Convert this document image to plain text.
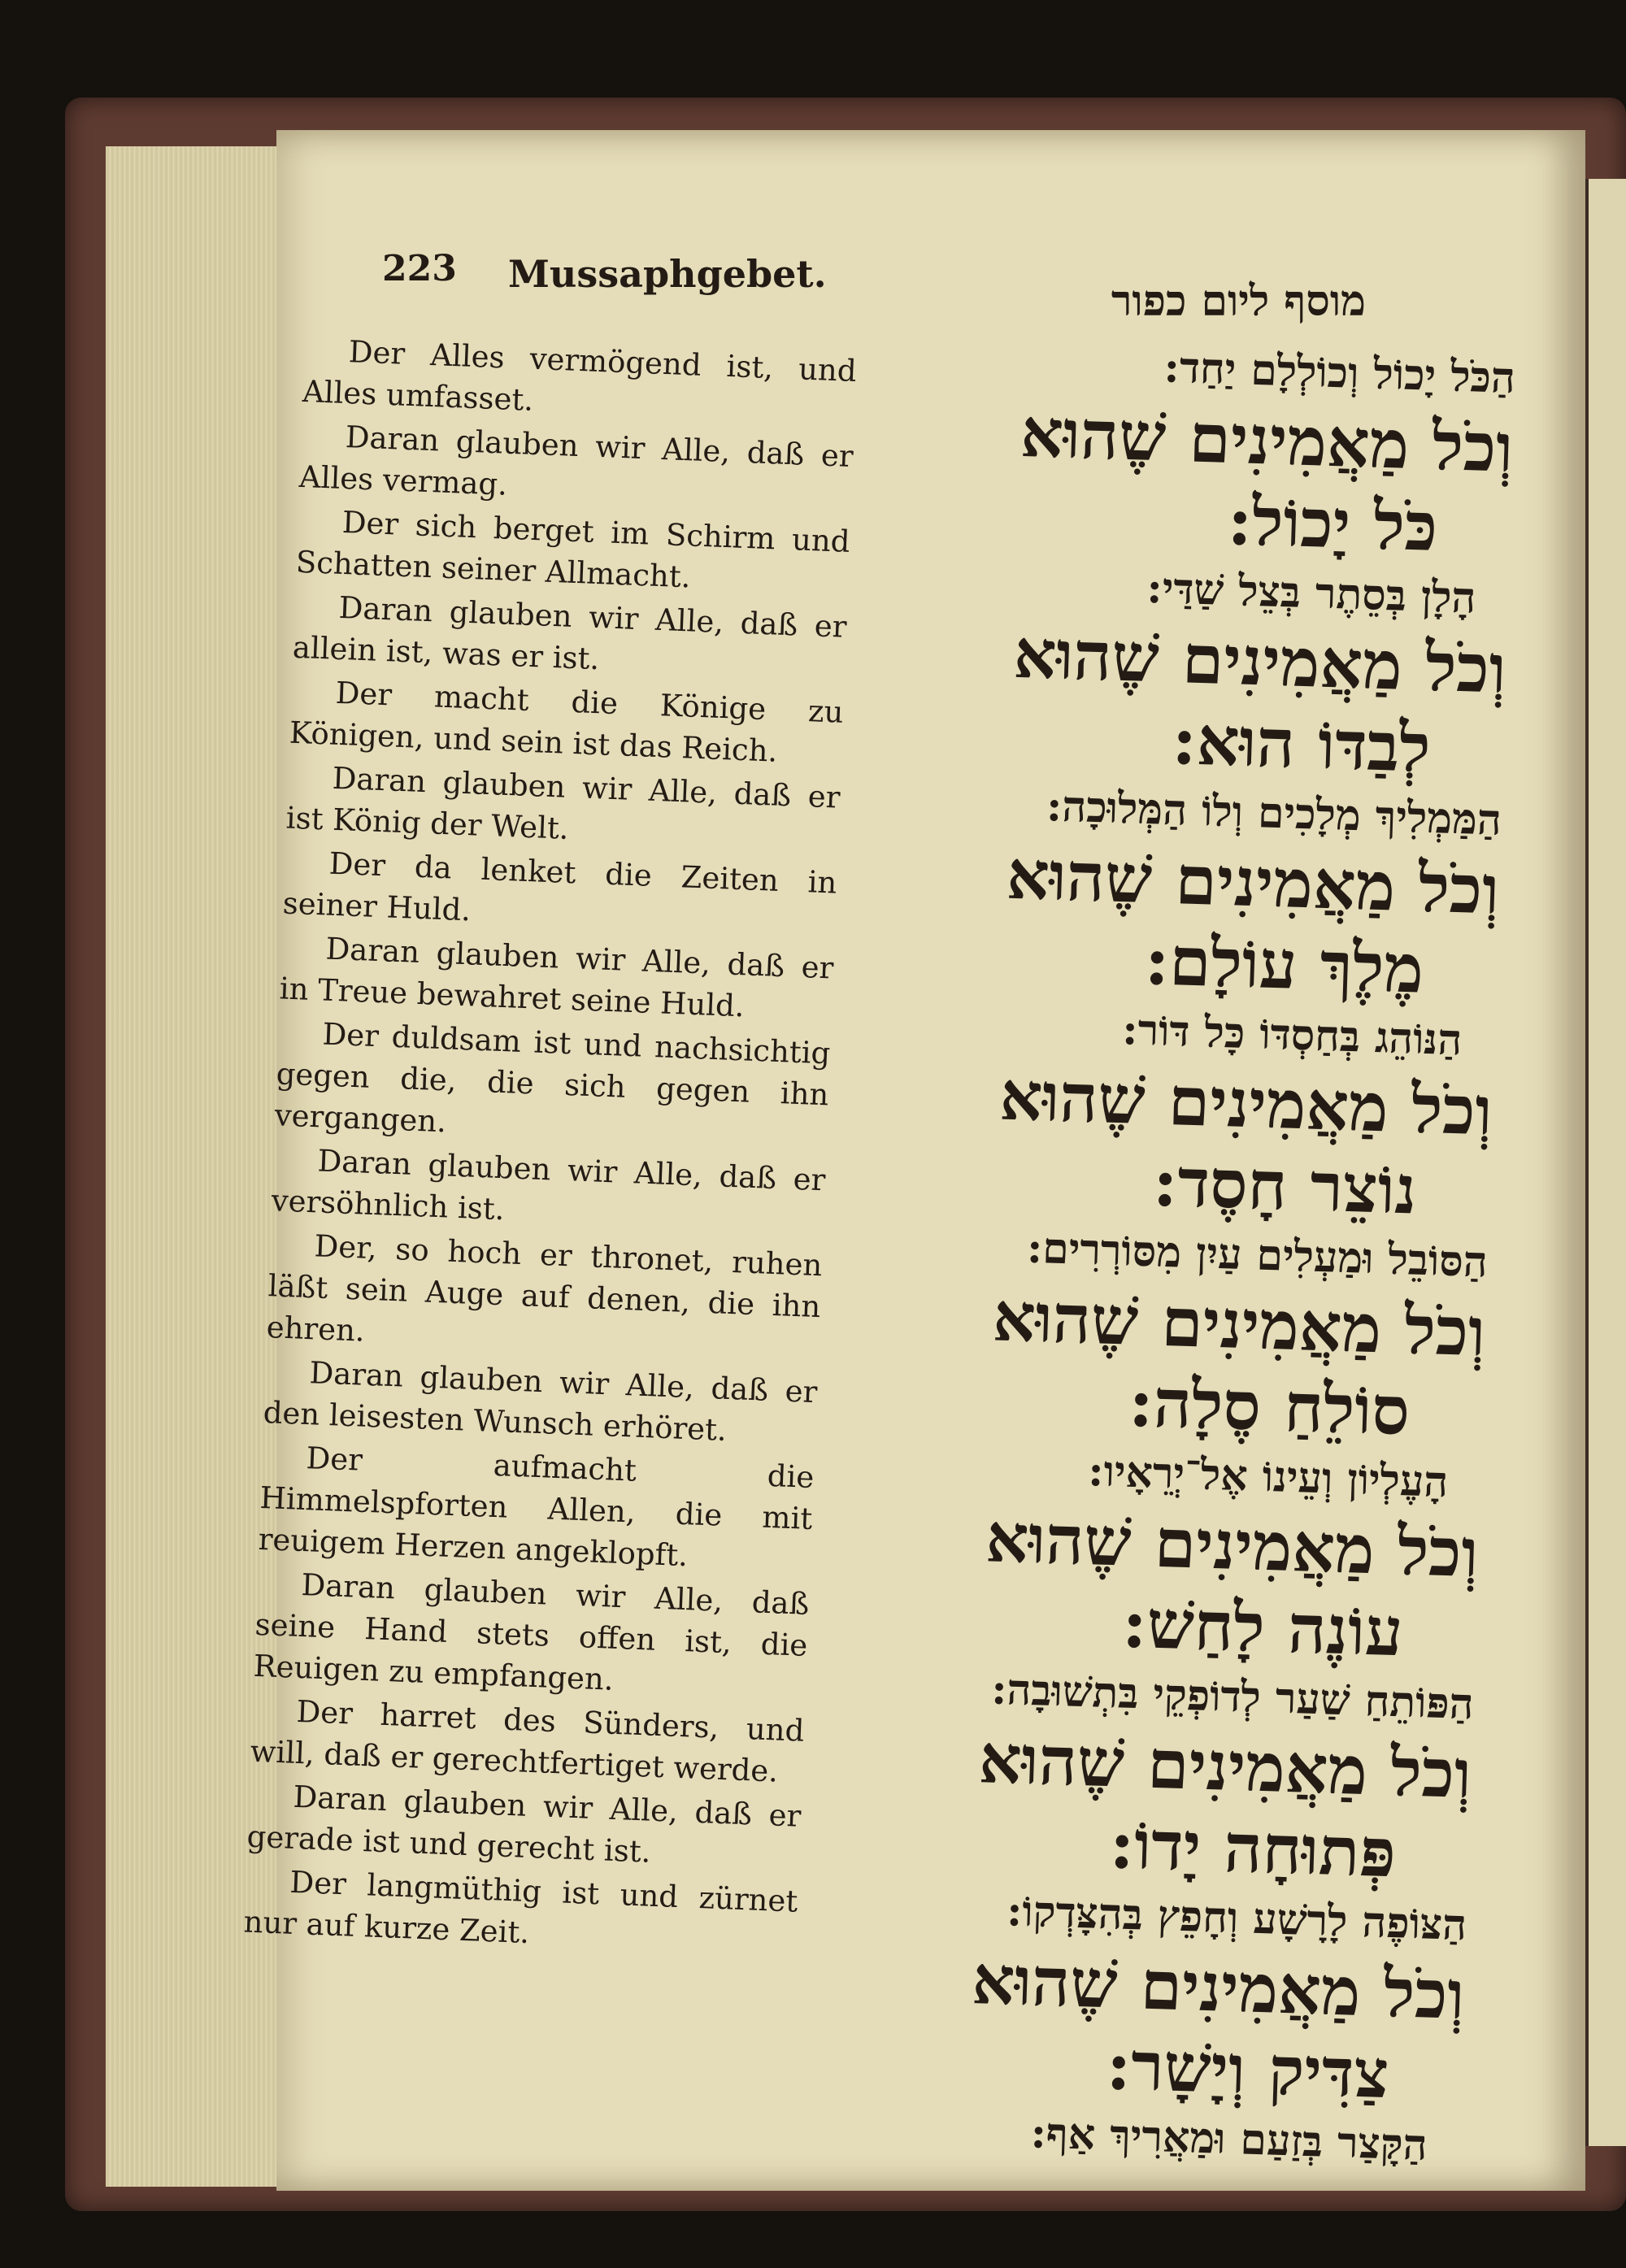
223 Mussaphgebet.
מוסף ליום כפור

Der Alles vermögend ist, und Alles umfasset.

Daran glauben wir Alle, daß er Alles vermag.

Der sich berget im Schirm und Schatten seiner Allmacht.

Daran glauben wir Alle, daß er allein ist, was er ist.

Der macht die Könige zu Königen, und sein ist das Reich.

Daran glauben wir Alle, daß er ist König der Welt.

Der da lenket die Zeiten in seiner Huld.

Daran glauben wir Alle, daß er in Treue bewahret seine Huld.

Der duldsam ist und nachsichtig gegen die, die sich gegen ihn vergangen.

Daran glauben wir Alle, daß er versöhnlich ist.

Der, so hoch er thronet, ruhen läßt sein Auge auf denen, die ihn ehren.

Daran glauben wir Alle, daß er den leisesten Wunsch erhöret.

Der aufmacht die Himmelspforten Allen, die mit reuigem Herzen angeklopft.

Daran glauben wir Alle, daß seine Hand stets offen ist, die Reuigen zu empfangen.

Der harret des Sünders, und will, daß er gerechtfertiget werde.

Daran glauben wir Alle, daß er gerade ist und gerecht ist.

Der langmüthig ist und zürnet nur auf kurze Zeit.

הַכֹּל יָכוֹל וְכוֹלְלָם יַחַד:
וְכֹל מַאֲמִינִים שֶׁהוּא
כֹּל יָכוֹל:
הָלָן בְּסֵתֶר בְּצֵל שַׁדַּי:
וְכֹל מַאֲמִינִים שֶׁהוּא
לְבַדּוֹ הוּא:
הַמַּמְלִיךְ מְלָכִים וְלוֹ הַמְּלוּכָה:
וְכֹל מַאֲמִינִים שֶׁהוּא
מֶלֶךְ עוֹלָם:
הַנּוֹהֵג בְּחַסְדּוֹ כָּל דּוֹר:
וְכֹל מַאֲמִינִים שֶׁהוּא
נוֹצֵר חָסֶד:
הַסּוֹבֵל וּמַעְלִים עַיִן מִסּוֹרְרִים:
וְכֹל מַאֲמִינִים שֶׁהוּא
סוֹלֵחַ סֶלָה:
הָעֶלְיוֹן וְעֵינוֹ אֶל־יְרֵאָיו:
וְכֹל מַאֲמִינִים שֶׁהוּא
עוֹנֶה לָחַשׁ:
הַפּוֹתֵחַ שַׁעַר לְדוֹפְקֵי בִּתְשׁוּבָה:
וְכֹל מַאֲמִינִים שֶׁהוּא
פְּתוּחָה יָדוֹ:
הַצּוֹפֶה לָרָשָׁע וְחָפֵץ בְּהִצָּדְקוֹ:
וְכֹל מַאֲמִינִים שֶׁהוּא
צַדִּיק וְיָשָׁר:
הַקָּצַר בְּזַעַם וּמַאֲרִיךְ אַף:
